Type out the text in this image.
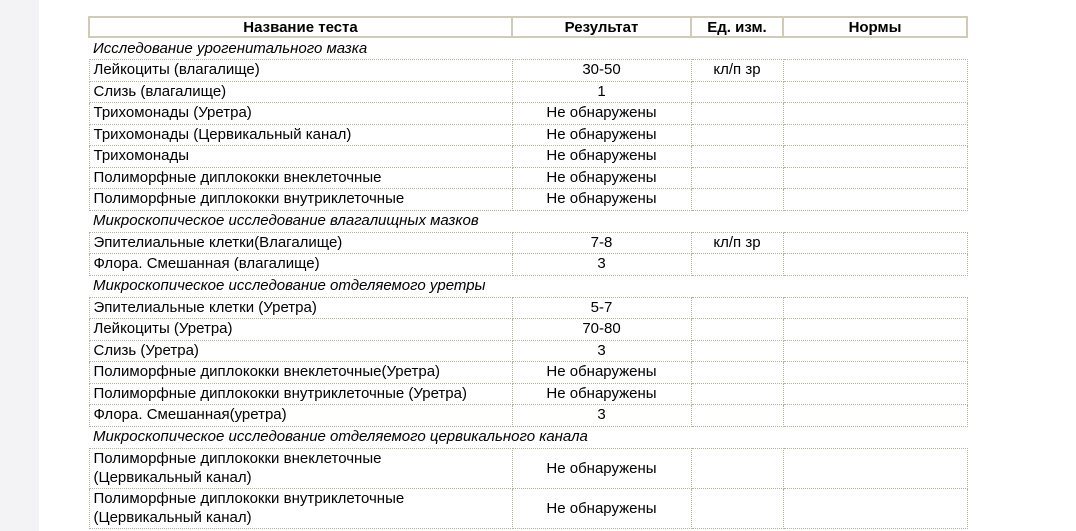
Название теста	Результат	Ед. изм.	Нормы
Исследование урогенитального мазка			
Лейкоциты (влагалище)	30-50	кл/п зр	
Слизь (влагалище)	1		
Трихомонады (Уретра)	Не обнаружены		
Трихомонады (Цервикальный канал)	Не обнаружены		
Трихомонады	Не обнаружены		
Полиморфные диплококки внеклеточные	Не обнаружены		
Полиморфные диплококки внутриклеточные	Не обнаружены		
Микроскопическое исследование влагалищных мазков			
Эпителиальные клетки(Влагалище)	7-8	кл/п зр	
Флора. Смешанная (влагалище)	3		
Микроскопическое исследование отделяемого уретры			
Эпителиальные клетки (Уретра)	5-7		
Лейкоциты (Уретра)	70-80		
Слизь (Уретра)	3		
Полиморфные диплококки внеклеточные(Уретра)	Не обнаружены		
Полиморфные диплококки внутриклеточные (Уретра)	Не обнаружены		
Флора. Смешанная(уретра)	3		
Микроскопическое исследование отделяемого цервикального канала			
Полиморфные диплококки внеклеточные
(Цервикальный канал)	Не обнаружены		
Полиморфные диплококки внутриклеточные
(Цервикальный канал)	Не обнаружены		
